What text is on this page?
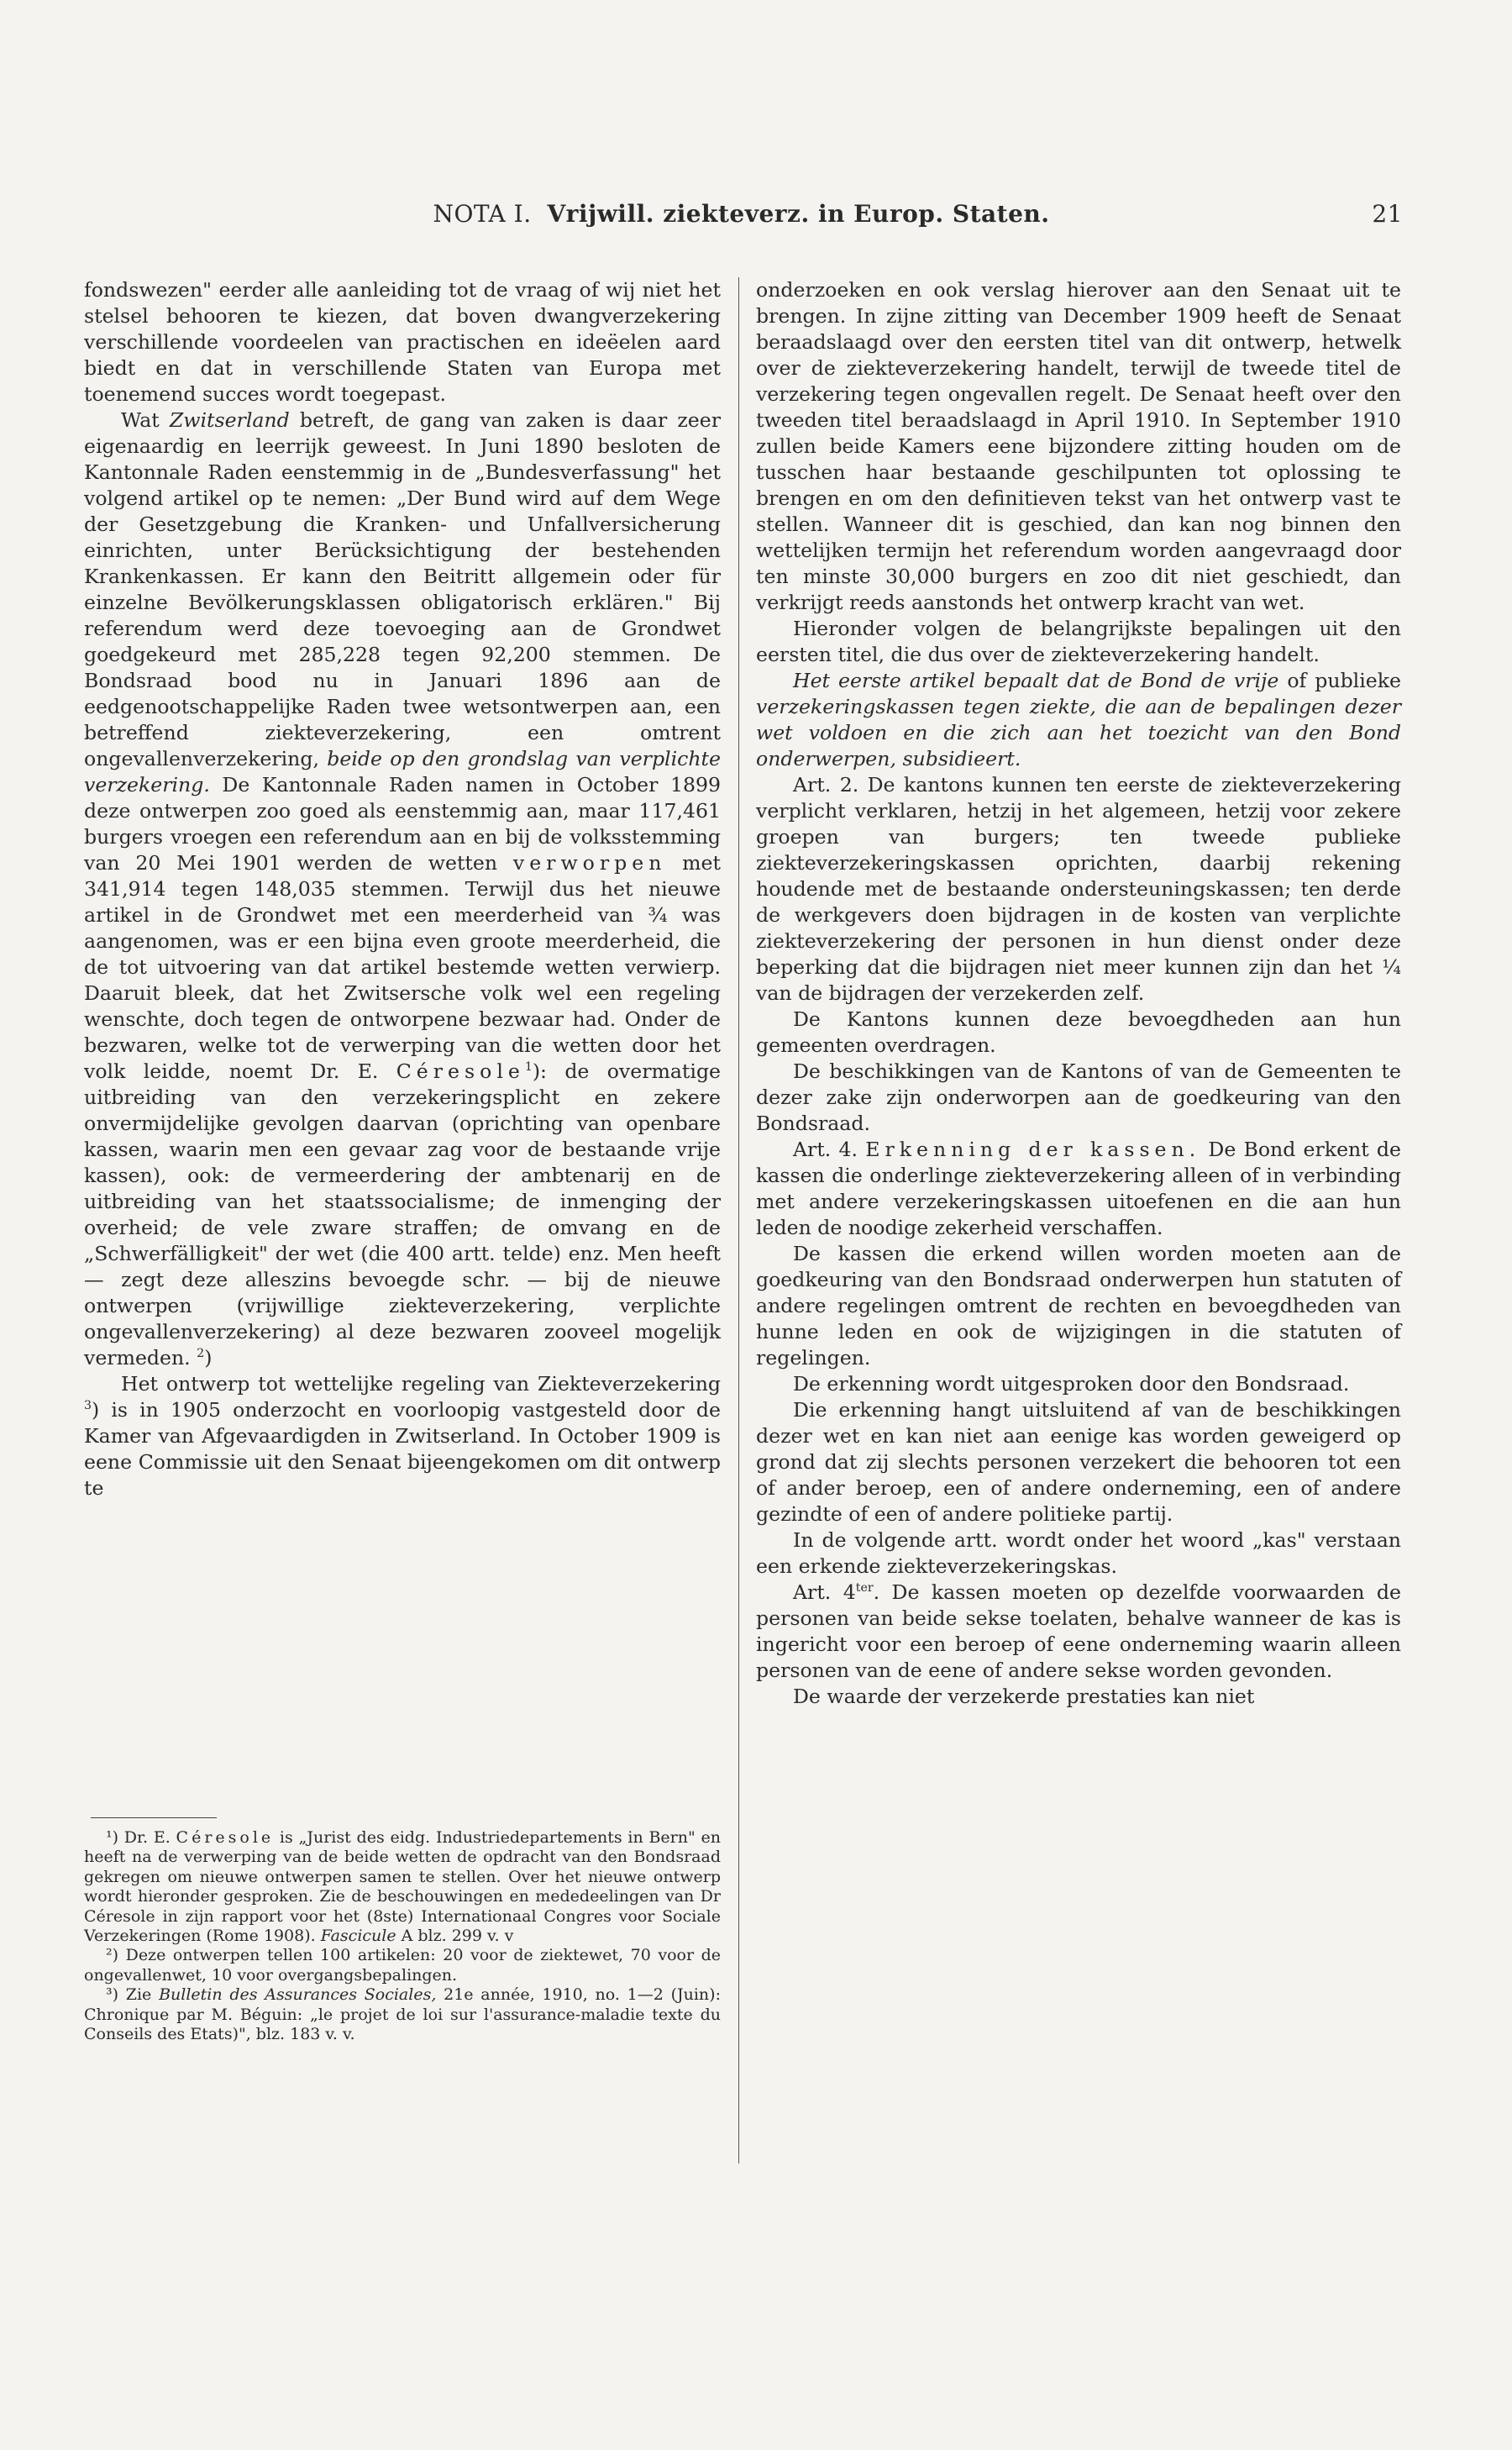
NOTA I. Vrijwill. ziekteverz. in Europ. Staten.	21

fondswezen" eerder alle aanleiding tot de vraag of wij niet het stelsel behooren te kiezen, dat boven dwangverzekering verschillende voordeelen van practischen en ideëelen aard biedt en dat in verschillende Staten van Europa met toenemend succes wordt toegepast.

Wat Zwitserland betreft, de gang van zaken is daar zeer eigenaardig en leerrijk geweest. In Juni 1890 besloten de Kantonnale Raden eenstemmig in de „Bundesverfassung" het volgend artikel op te nemen: „Der Bund wird auf dem Wege der Gesetzgebung die Kranken- und Unfallversicherung einrichten, unter Berücksichtigung der bestehenden Krankenkassen. Er kann den Beitritt allgemein oder für einzelne Bevölkerungsklassen obligatorisch erklären." Bij referendum werd deze toevoeging aan de Grondwet goedgekeurd met 285,228 tegen 92,200 stemmen. De Bondsraad bood nu in Januari 1896 aan de eedgenootschappelijke Raden twee wetsontwerpen aan, een betreffend ziekteverzekering, een omtrent ongevallenverzekering, beide op den grondslag van verplichte verzekering. De Kantonnale Raden namen in October 1899 deze ontwerpen zoo goed als eenstemmig aan, maar 117,461 burgers vroegen een referendum aan en bij de volksstemming van 20 Mei 1901 werden de wetten verworpen met 341,914 tegen 148,035 stemmen. Terwijl dus het nieuwe artikel in de Grondwet met een meerderheid van ¾ was aangenomen, was er een bijna even groote meerderheid, die de tot uitvoering van dat artikel bestemde wetten verwierp. Daaruit bleek, dat het Zwitsersche volk wel een regeling wenschte, doch tegen de ontworpene bezwaar had. Onder de bezwaren, welke tot de verwerping van die wetten door het volk leidde, noemt Dr. E. Céresole$^1$): de overmatige uitbreiding van den verzekeringsplicht en zekere onvermijdelijke gevolgen daarvan (oprichting van openbare kassen, waarin men een gevaar zag voor de bestaande vrije kassen), ook: de vermeerdering der ambtenarij en de uitbreiding van het staatssocialisme; de inmenging der overheid; de vele zware straffen; de omvang en de „Schwerfälligkeit" der wet (die 400 artt. telde) enz. Men heeft — zegt deze alleszins bevoegde schr. — bij de nieuwe ontwerpen (vrijwillige ziekteverzekering, verplichte ongevallenverzekering) al deze bezwaren zooveel mogelijk vermeden. $^2$)

Het ontwerp tot wettelijke regeling van Ziekteverzekering $^3$) is in 1905 onderzocht en voorloopig vastgesteld door de Kamer van Afgevaardigden in Zwitserland. In October 1909 is eene Commissie uit den Senaat bijeengekomen om dit ontwerp te

¹) Dr. E. Céresole is „Jurist des eidg. Industriedepartements in Bern" en heeft na de verwerping van de beide wetten de opdracht van den Bondsraad gekregen om nieuwe ontwerpen samen te stellen. Over het nieuwe ontwerp wordt hieronder gesproken. Zie de beschouwingen en mededeelingen van Dr Céresole in zijn rapport voor het (8ste) Internationaal Congres voor Sociale Verzekeringen (Rome 1908). Fascicule A blz. 299 v. v

²) Deze ontwerpen tellen 100 artikelen: 20 voor de ziektewet, 70 voor de ongevallenwet, 10 voor overgangsbepalingen.

³) Zie Bulletin des Assurances Sociales, 21e année, 1910, no. 1—2 (Juin): Chronique par M. Béguin: „le projet de loi sur l'assurance-maladie texte du Conseils des Etats)", blz. 183 v. v.

onderzoeken en ook verslag hierover aan den Senaat uit te brengen. In zijne zitting van December 1909 heeft de Senaat beraadslaagd over den eersten titel van dit ontwerp, hetwelk over de ziekteverzekering handelt, terwijl de tweede titel de verzekering tegen ongevallen regelt. De Senaat heeft over den tweeden titel beraadslaagd in April 1910. In September 1910 zullen beide Kamers eene bijzondere zitting houden om de tusschen haar bestaande geschilpunten tot oplossing te brengen en om den definitieven tekst van het ontwerp vast te stellen. Wanneer dit is geschied, dan kan nog binnen den wettelijken termijn het referendum worden aangevraagd door ten minste 30,000 burgers en zoo dit niet geschiedt, dan verkrijgt reeds aanstonds het ontwerp kracht van wet.

Hieronder volgen de belangrijkste bepalingen uit den eersten titel, die dus over de ziekteverzekering handelt.

Het eerste artikel bepaalt dat de Bond de vrije of publieke verzekeringskassen tegen ziekte, die aan de bepalingen dezer wet voldoen en die zich aan het toezicht van den Bond onderwerpen, subsidieert.

Art. 2. De kantons kunnen ten eerste de ziekteverzekering verplicht verklaren, hetzij in het algemeen, hetzij voor zekere groepen van burgers; ten tweede publieke ziekteverzekeringskassen oprichten, daarbij rekening houdende met de bestaande ondersteuningskassen; ten derde de werkgevers doen bijdragen in de kosten van verplichte ziekteverzekering der personen in hun dienst onder deze beperking dat die bijdragen niet meer kunnen zijn dan het ¼ van de bijdragen der verzekerden zelf.

De Kantons kunnen deze bevoegdheden aan hun gemeenten overdragen.

De beschikkingen van de Kantons of van de Gemeenten te dezer zake zijn onderworpen aan de goedkeuring van den Bondsraad.

Art. 4. Erkenning der kassen. De Bond erkent de kassen die onderlinge ziekteverzekering alleen of in verbinding met andere verzekeringskassen uitoefenen en die aan hun leden de noodige zekerheid verschaffen.

De kassen die erkend willen worden moeten aan de goedkeuring van den Bondsraad onderwerpen hun statuten of andere regelingen omtrent de rechten en bevoegdheden van hunne leden en ook de wijzigingen in die statuten of regelingen.

De erkenning wordt uitgesproken door den Bondsraad.

Die erkenning hangt uitsluitend af van de beschikkingen dezer wet en kan niet aan eenige kas worden geweigerd op grond dat zij slechts personen verzekert die behooren tot een of ander beroep, een of andere onderneming, een of andere gezindte of een of andere politieke partij.

In de volgende artt. wordt onder het woord „kas" verstaan een erkende ziekteverzekeringskas.

Art. $4^{ter}$. De kassen moeten op dezelfde voorwaarden de personen van beide sekse toelaten, behalve wanneer de kas is ingericht voor een beroep of eene onderneming waarin alleen personen van de eene of andere sekse worden gevonden.

De waarde der verzekerde prestaties kan niet
